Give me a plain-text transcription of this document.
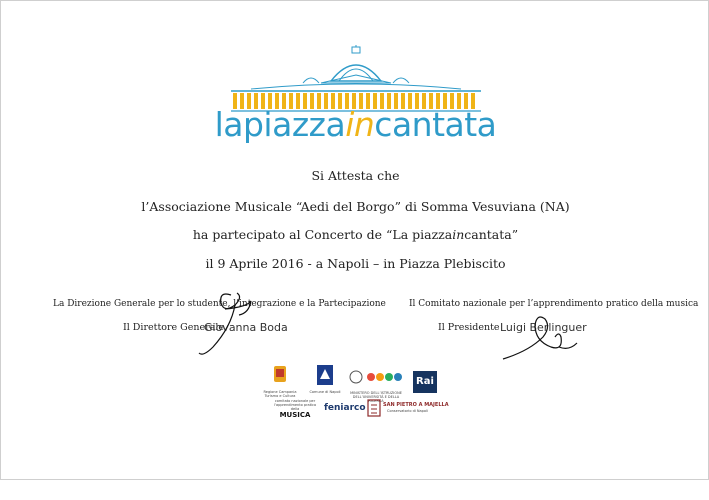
lapiazzaincantata
Si Attesta che
l’Associazione Musicale “Aedi del Borgo” di Somma Vesuviana (NA)
ha partecipato al Concerto de “La piazzaincantata”
il 9 Aprile 2016 - a Napoli – in Piazza Plebiscito
La Direzione Generale per lo studente, l’integrazione e la Partecipazione
Il Direttore Generale
Giovanna Boda
Il Comitato nazionale per l’apprendimento pratico della musica
Il Presidente Luigi Berlinguer
Regione Campania Turismo e Cultura
Comune di Napoli	MINISTERO DELL’ISTRUZIONE DELL’UNIVERSITÀ E DELLA RICERCA
Rai
comitato nazionale per l’apprendimento pratico della
MUSICA
feniarco	SAN PIETRO A MAJELLA
Conservatorio di Napoli
